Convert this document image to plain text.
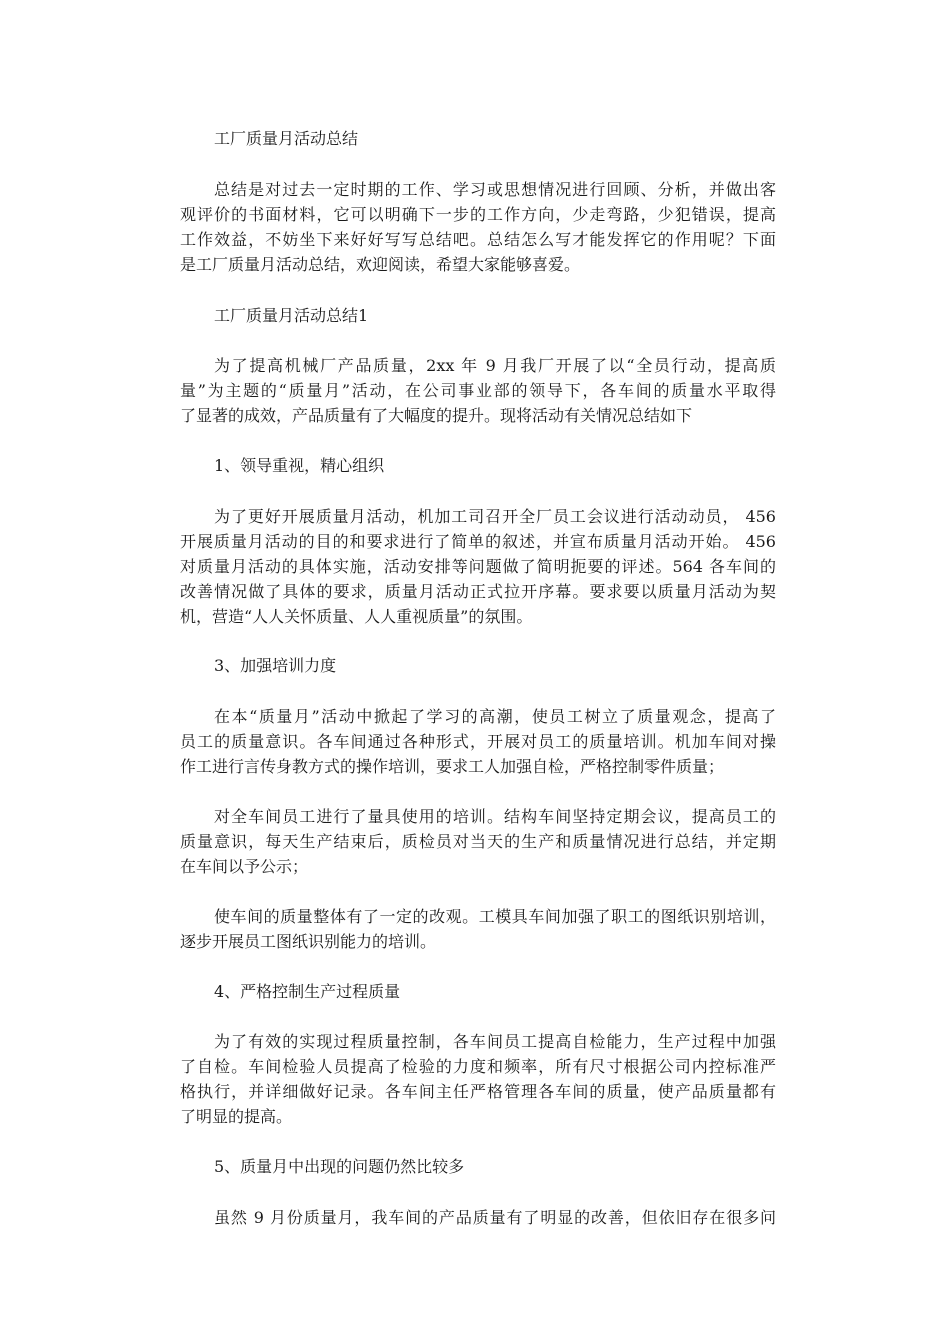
工厂质量月活动总结
总结是对过去一定时期的工作、学习或思想情况进行回顾、分析，并做出客
观评价的书面材料，它可以明确下一步的工作方向，少走弯路，少犯错误，提高
工作效益，不妨坐下来好好写写总结吧。总结怎么写才能发挥它的作用呢？下面
是工厂质量月活动总结，欢迎阅读，希望大家能够喜爱。
工厂质量月活动总结1
为了提高机械厂产品质量，2xx 年 9 月我厂开展了以“全员行动，提高质
量”为主题的“质量月”活动，在公司事业部的领导下，各车间的质量水平取得
了显著的成效，产品质量有了大幅度的提升。现将活动有关情况总结如下
1、领导重视，精心组织
为了更好开展质量月活动，机加工司召开全厂员工会议进行活动动员， 456
开展质量月活动的目的和要求进行了简单的叙述，并宣布质量月活动开始。 456
对质量月活动的具体实施，活动安排等问题做了简明扼要的评述。564 各车间的
改善情况做了具体的要求，质量月活动正式拉开序幕。要求要以质量月活动为契
机，营造“人人关怀质量、人人重视质量”的氛围。
3、加强培训力度
在本“质量月”活动中掀起了学习的高潮，使员工树立了质量观念，提高了
员工的质量意识。各车间通过各种形式，开展对员工的质量培训。机加车间对操
作工进行言传身教方式的操作培训，要求工人加强自检，严格控制零件质量；
对全车间员工进行了量具使用的培训。结构车间坚持定期会议，提高员工的
质量意识，每天生产结束后，质检员对当天的生产和质量情况进行总结，并定期
在车间以予公示；
使车间的质量整体有了一定的改观。工模具车间加强了职工的图纸识别培训，
逐步开展员工图纸识别能力的培训。
4、严格控制生产过程质量
为了有效的实现过程质量控制，各车间员工提高自检能力，生产过程中加强
了自检。车间检验人员提高了检验的力度和频率，所有尺寸根据公司内控标准严
格执行，并详细做好记录。各车间主任严格管理各车间的质量，使产品质量都有
了明显的提高。
5、质量月中出现的问题仍然比较多
虽然 9 月份质量月，我车间的产品质量有了明显的改善，但依旧存在很多问
